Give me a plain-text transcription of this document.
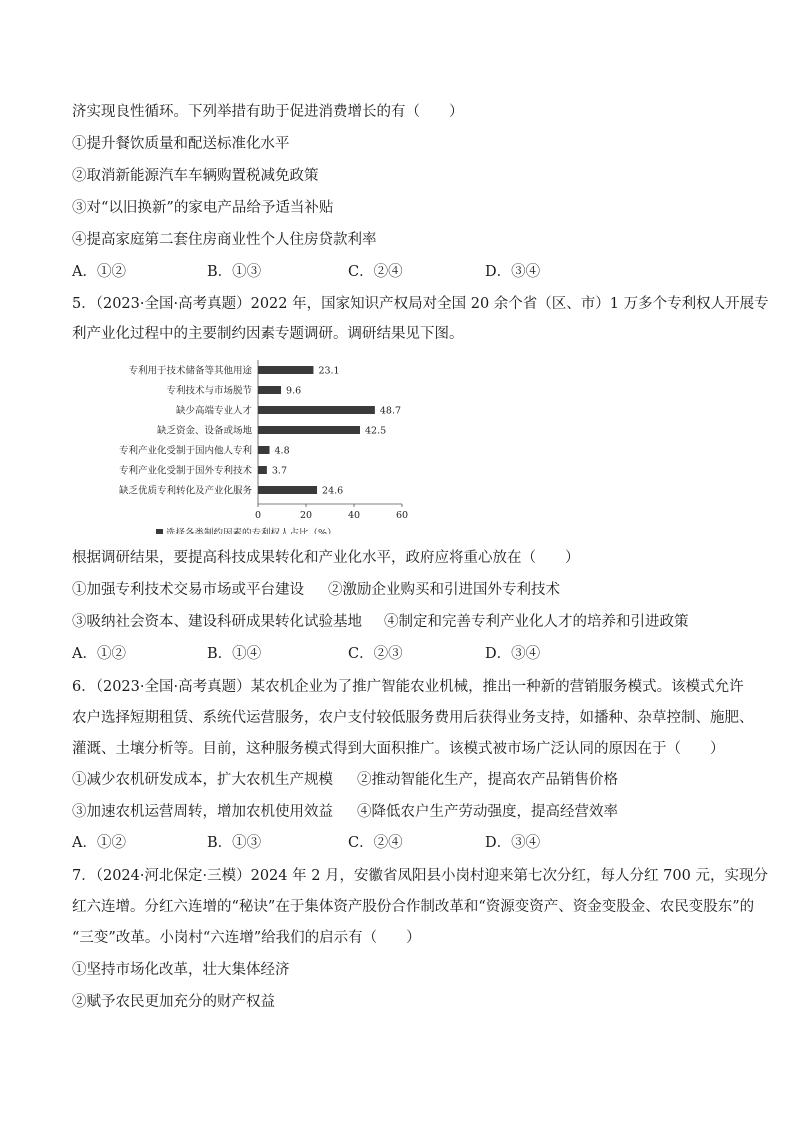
济实现良性循环。下列举措有助于促进消费增长的有（　　）
①提升餐饮质量和配送标准化水平
②取消新能源汽车车辆购置税减免政策
③对“以旧换新”的家电产品给予适当补贴
④提高家庭第二套住房商业性个人住房贷款利率
A．①②	B．①③	C．②④	D．③④
5．（2023·全国·高考真题）2022 年，国家知识产权局对全国 20 余个省（区、市）1 万多个专利权人开展专
利产业化过程中的主要制约因素专题调研。调研结果见下图。
专利用于技术储备等其他用途	23.1
专利技术与市场脱节	9.6
缺少高端专业人才	48.7
缺乏资金、设备或场地	42.5
专利产业化受制于国内他人专利 4.8
专利产业化受制于国外专利技术 3.7
缺乏优质专利转化及产业化服务	24.6
0	20	40	60
选择各类制约因素的专利权人占比（%）
根据调研结果，要提高科技成果转化和产业化水平，政府应将重心放在（　　）
①加强专利技术交易市场或平台建设 ②激励企业购买和引进国外专利技术
③吸纳社会资本、建设科研成果转化试验基地 ④制定和完善专利产业化人才的培养和引进政策
A．①②	B．①④	C．②③	D．③④
6．（2023·全国·高考真题）某农机企业为了推广智能农业机械，推出一种新的营销服务模式。该模式允许
农户选择短期租赁、系统代运营服务，农户支付较低服务费用后获得业务支持，如播种、杂草控制、施肥、
灌溉、土壤分析等。目前，这种服务模式得到大面积推广。该模式被市场广泛认同的原因在于（　　）
①减少农机研发成本，扩大农机生产规模 ②推动智能化生产，提高农产品销售价格
③加速农机运营周转，增加农机使用效益 ④降低农户生产劳动强度，提高经营效率
A．①②	B．①③	C．②④	D．③④
7．（2024·河北保定·三模）2024 年 2 月，安徽省凤阳县小岗村迎来第七次分红，每人分红 700 元，实现分
红六连增。分红六连增的“秘诀”在于集体资产股份合作制改革和“资源变资产、资金变股金、农民变股东”的
“三变”改革。小岗村“六连增”给我们的启示有（　　）
①坚持市场化改革，壮大集体经济
②赋予农民更加充分的财产权益
